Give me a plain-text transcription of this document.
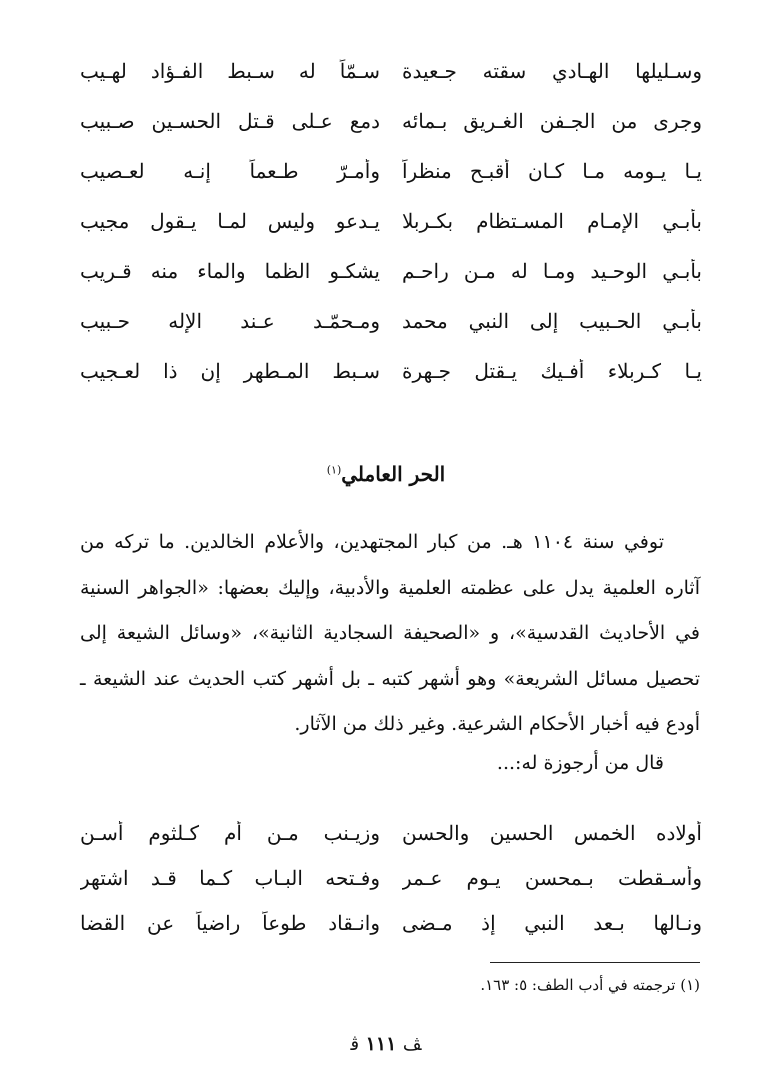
وسـليلها الهـادي سقته جـعيدة
سـمّاً له سـبط الفـؤاد لهـيب
وجرى من الجـفن الغـريق بـمائه
دمع عـلى قـتل الحسـين صـبيب
يـا يـومه مـا كـان أقبـح منظراً
وأمـرّ طـعماً إنـه لعـصيب
بأبـي الإمـام المسـتظام بكـربلا
يـدعو وليس لمـا يـقول مجيب
بأبـي الوحـيد ومـا له مـن راحـم
يشكـو الظما والماء منه قـريب
بأبـي الحـبيب إلى النبي محمد
ومـحمّـد عـند الإله حـبيب
يـا كـربلاء أفـيك يـقتل جـهرة
سـبط المـطهر إن ذا لعـجيب
الحر العاملي$^{(١)}$

توفي سنة ١١٠٤ هـ. من كبار المجتهدين، والأعلام الخالدين. ما تركه من آثاره العلمية يدل على عظمته العلمية والأدبية، وإليك بعضها: «الجواهر السنية في الأحاديث القدسية»، و «الصحيفة السجادية الثانية»، «وسائل الشيعة إلى تحصيل مسائل الشريعة» وهو أشهر كتبه ـ بل أشهر كتب الحديث عند الشيعة ـ أودع فيه أخبار الأحكام الشرعية. وغير ذلك من الآثار.

قال من أرجوزة له:...
أولاده الخمس الحسين والحسن
وزيـنب مـن أم كـلثوم أسـن
وأسـقطت بـمحسن يـوم عـمر
وفـتحه البـاب كـما قـد اشتهر
ونـالها بـعد النبي إذ مـضى
وانـقاد طوعاً راضياً عن القضا
(١) ترجمته في أدب الطف: ٥: ١٦٣.
ﭫ ١١١ ﭬ
